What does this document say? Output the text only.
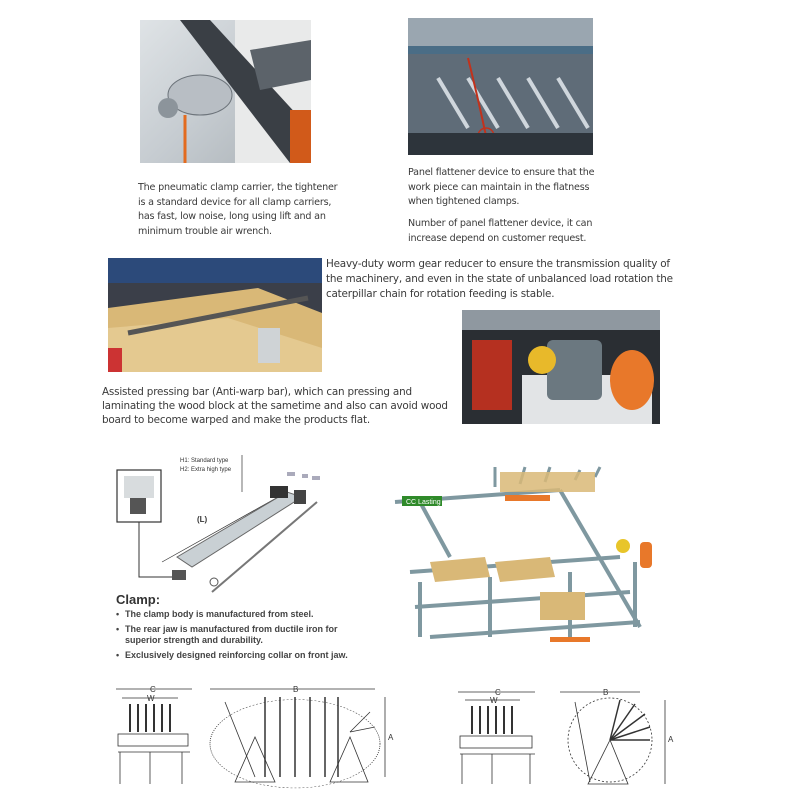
The pneumatic clamp carrier, the tightener

is a standard device for all clamp carriers,

has fast, low noise, long using lift and an

minimum trouble air wrench.

Panel flattener device to ensure that the

work piece can maintain in the flatness

when tightened clamps.

Number of panel flattener device, it can

increase depend on customer request.

Heavy-duty worm gear reducer to ensure the transmission quality of

the machinery, and even in the state of unbalanced load rotation the

caterpillar chain for rotation feeding is stable.

Assisted pressing bar (Anti-warp bar), which can pressing and

laminating the wood block at the sametime and also can avoid wood

board to become warped and make the products flat.

H1: Standard type
H2: Extra high type
(L)
Clamp:
• The clamp body is manufactured from steel.
• The rear jaw is manufactured from ductile iron for superior strength and durability.
• Exclusively designed reinforcing collar on front jaw.
CC Lasting
C
W
B
A
C
W
B
A
